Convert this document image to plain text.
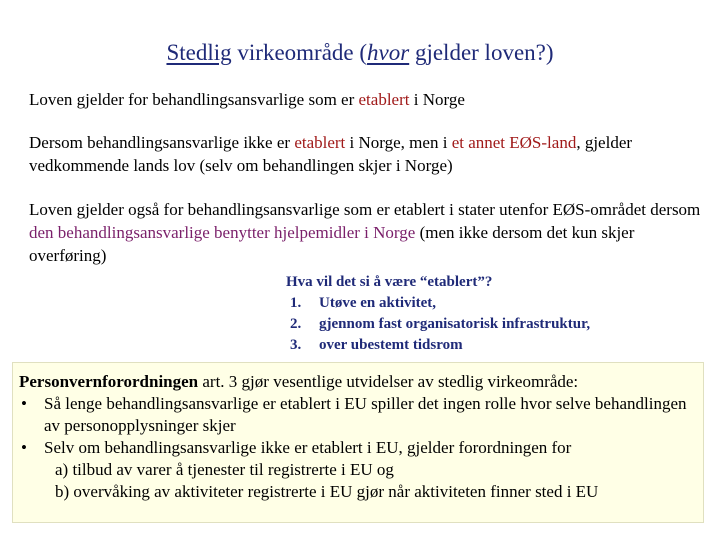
Stedlig virkeområde (hvor gjelder loven?)
Loven gjelder for behandlingsansvarlige som er etablert i Norge
Dersom behandlingsansvarlige ikke er etablert i Norge, men i et annet EØS-land, gjelder vedkommende lands lov (selv om behandlingen skjer i Norge)
Loven gjelder også for behandlingsansvarlige som er etablert i stater utenfor EØS-området dersom den behandlingsansvarlige benytter hjelpemidler i Norge (men ikke dersom det kun skjer overføring)
Hva vil det si å være “etablert”?
1. Utøve en aktivitet,
2. gjennom fast organisatorisk infrastruktur,
3. over ubestemt tidsrom
Personvernforordningen art. 3 gjør vesentlige utvidelser av stedlig virkeområde:
•	Så lenge behandlingsansvarlige er etablert i EU spiller det ingen rolle hvor selve behandlingen av personopplysninger skjer
•	Selv om behandlingsansvarlige ikke er etablert i EU, gjelder forordningen for
a) tilbud av varer å tjenester til registrerte i EU og
b) overvåking av aktiviteter registrerte i EU gjør når aktiviteten finner sted i EU
